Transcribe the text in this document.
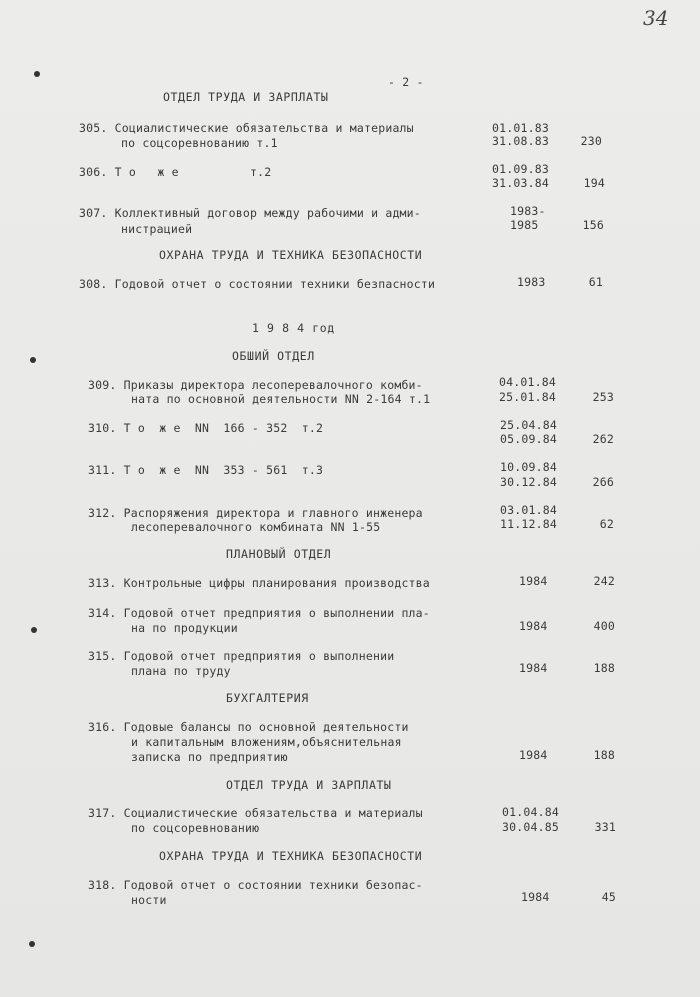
34
- 2 -
ОТДЕЛ ТРУДА И ЗАРПЛАТЫ
305. Социалистические обязательства и материалы
по соцсоревнованию т.1
01.01.83
31.08.83	230
306. Т о   ж е          т.2	01.09.83
31.03.84	194
307. Коллективный договор между рабочими и адми-
нистрацией
1983-
1985	156
ОХРАНА ТРУДА И ТЕХНИКА БЕЗОПАСНОСТИ
308. Годовой отчет о состоянии техники безпасности	1983	61
1 9 8 4 год
ОБШИЙ ОТДЕЛ
309. Приказы директора лесоперевалочного комби-
ната по основной деятельности NN 2-164 т.1
04.01.84
25.01.84	253
310. Т о  ж е  NN  166 - 352  т.2	25.04.84
05.09.84	262
311. Т о  ж е  NN  353 - 561  т.3	10.09.84
30.12.84	266
312. Распоряжения директора и главного инженера
лесоперевалочного комбината NN 1-55
03.01.84
11.12.84	62
ПЛАНОВЫЙ ОТДЕЛ
313. Контрольные цифры планирования производства	1984	242
314. Годовой отчет предприятия о выполнении пла-
на по продукции	1984	400
315. Годовой отчет предприятия о выполнении
плана по труду	1984	188
БУХГАЛТЕРИЯ
316. Годовые балансы по основной деятельности
и капитальным вложениям,объяснительная
записка по предприятию	1984	188
ОТДЕЛ ТРУДА И ЗАРПЛАТЫ
317. Социалистические обязательства и материалы
по соцсоревнованию
01.04.84
30.04.85	331
ОХРАНА ТРУДА И ТЕХНИКА БЕЗОПАСНОСТИ
318. Годовой отчет о состоянии техники безопас-
ности	1984	45
